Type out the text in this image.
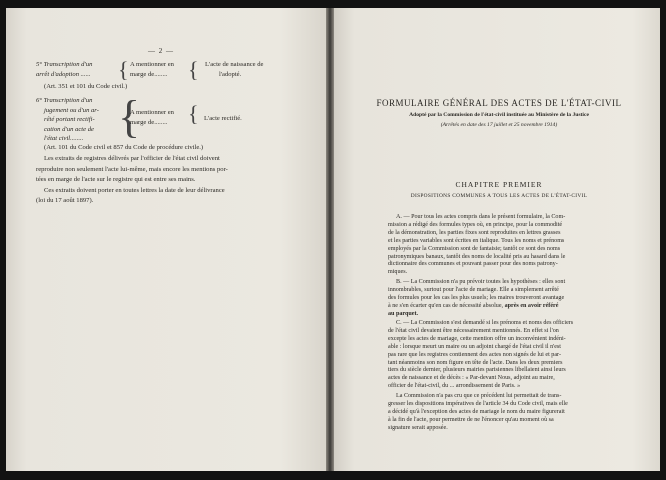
— 2 —
5° Transcription d'un
arrêt d'adoption ...... { A mentionner en
marge de........ { L'acte de naissance de
l'adopté.
(Art. 351 et 101 du Code civil.)
6° Transcription d'un
jugement ou d'un ar-
rêté portant rectifi-
cation d'un acte de
l'état civil........ {
A mentionner en
marge de........ { L'acte rectifié.
(Art. 101 du Code civil et 857 du Code de procédure civile.)
Les extraits de registres délivrés par l'officier de l'état civil doivent
reproduire non seulement l'acte lui-même, mais encore les mentions por-
tées en marge de l'acte sur le registre qui est entre ses mains.
Ces extraits doivent porter en toutes lettres la date de leur délivrance
(loi du 17 août 1897).
FORMULAIRE GÉNÉRAL DES ACTES DE L'ÉTAT-CIVIL
Adopté par la Commission de l'état-civil instituée au Ministère de la Justice
(Arrêtés en date des 17 juillet et 25 novembre 1914)
CHAPITRE PREMIER
DISPOSITIONS COMMUNES A TOUS LES ACTES DE L'ÉTAT-CIVIL
A. — Pour tous les actes compris dans le présent formulaire, la Com-
mission a rédigé des formules types où, en principe, pour la commodité
de la démonstration, les parties fixes sont reproduites en lettres grasses
et les parties variables sont écrites en italique. Tous les noms et prénoms
employés par la Commission sont de fantaisie; tantôt ce sont des noms
patronymiques banaux, tantôt des noms de localité pris au hasard dans le
dictionnaire des communes et pouvant passer pour des noms patrony-
miques.
B. — La Commission n'a pu prévoir toutes les hypothèses : elles sont
innombrables, surtout pour l'acte de mariage. Elle a simplement arrêté
des formules pour les cas les plus usuels; les maires trouveront avantage
à ne s'en écarter qu'en cas de nécessité absolue, après en avoir référé
au parquet.
C. — La Commission s'est demandé si les prénoms et noms des officiers
de l'état civil devaient être nécessairement mentionnés. En effet si l'on
excepte les actes de mariage, cette mention offre un inconvénient indéni-
able : lorsque meurt un maire ou un adjoint chargé de l'état civil il n'est
pas rare que les registres contiennent des actes non signés de lui et par-
tant néanmoins son nom figure en tête de l'acte. Dans les deux premiers
tiers du siècle dernier, plusieurs mairies parisiennes libellaient ainsi leurs
actes de naissance et de décès : « Par-devant Nous, adjoint au maire,
officier de l'état-civil, du ... arrondissement de Paris. »
La Commission n'a pas cru que ce précédent lui permettait de trans-
gresser les dispositions impératives de l'article 34 du Code civil, mais elle
a décidé qu'à l'exception des actes de mariage le nom du maire figurerait
à la fin de l'acte, pour permettre de ne l'énoncer qu'au moment où sa
signature serait apposée.
